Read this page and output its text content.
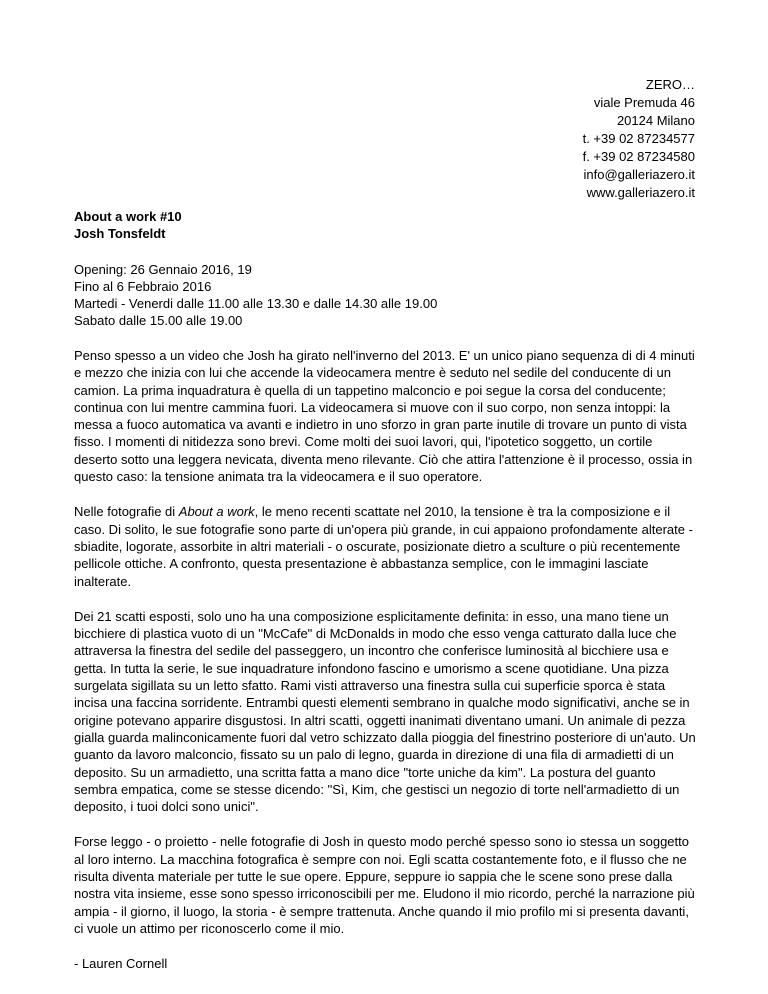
ZERO…
viale Premuda 46
20124 Milano
t. +39 02 87234577
f. +39 02 87234580
info@galleriazero.it
www.galleriazero.it
About a work #10
Josh Tonsfeldt
Opening: 26 Gennaio 2016, 19
Fino al 6 Febbraio 2016
Martedi - Venerdi dalle 11.00 alle 13.30 e dalle 14.30 alle 19.00
Sabato dalle 15.00 alle 19.00
Penso spesso a un video che Josh ha girato nell'inverno del 2013. E' un unico piano sequenza di di 4 minuti e mezzo che inizia con lui che accende la videocamera mentre è seduto nel sedile del conducente di un camion. La prima inquadratura è quella di un tappetino malconcio e poi segue la corsa del conducente; continua con lui mentre cammina fuori. La videocamera si muove con il suo corpo, non senza intoppi: la messa a fuoco automatica va avanti e indietro in uno sforzo in gran parte inutile di trovare un punto di vista fisso. I momenti di nitidezza sono brevi. Come molti dei suoi lavori, qui, l'ipotetico soggetto, un cortile deserto sotto una leggera nevicata, diventa meno rilevante. Ciò che attira l'attenzione è il processo, ossia in questo caso: la tensione animata tra la videocamera e il suo operatore.
Nelle fotografie di About a work, le meno recenti scattate nel 2010, la tensione è tra la composizione e il caso. Di solito, le sue fotografie sono parte di un'opera più grande, in cui appaiono profondamente alterate - sbiadite, logorate, assorbite in altri materiali - o oscurate, posizionate dietro a sculture o più recentemente pellicole ottiche. A confronto, questa presentazione è abbastanza semplice, con le immagini lasciate inalterate.
Dei 21 scatti esposti, solo uno ha una composizione esplicitamente definita: in esso, una mano tiene un bicchiere di plastica vuoto di un "McCafe" di McDonalds in modo che esso venga catturato dalla luce che attraversa la finestra del sedile del passeggero, un incontro che conferisce luminosità al bicchiere usa e getta. In tutta la serie, le sue inquadrature infondono fascino e umorismo a scene quotidiane. Una pizza surgelata sigillata su un letto sfatto. Rami visti attraverso una finestra sulla cui superficie sporca è stata incisa una faccina sorridente. Entrambi questi elementi sembrano in qualche modo significativi, anche se in origine potevano apparire disgustosi. In altri scatti, oggetti inanimati diventano umani. Un animale di pezza gialla guarda malinconicamente fuori dal vetro schizzato dalla pioggia del finestrino posteriore di un'auto. Un guanto da lavoro malconcio, fissato su un palo di legno, guarda in direzione di una fila di armadietti di un deposito. Su un armadietto, una scritta fatta a mano dice "torte uniche da kim". La postura del guanto sembra empatica, come se stesse dicendo: "Sì, Kim, che gestisci un negozio di torte nell'armadietto di un deposito, i tuoi dolci sono unici".
Forse leggo - o proietto - nelle fotografie di Josh in questo modo perché spesso sono io stessa un soggetto al loro interno. La macchina fotografica è sempre con noi. Egli scatta costantemente foto, e il flusso che ne risulta diventa materiale per tutte le sue opere. Eppure, seppure io sappia che le scene sono prese dalla nostra vita insieme, esse sono spesso irriconoscibili per me. Eludono il mio ricordo, perché la narrazione più ampia - il giorno, il luogo, la storia - è sempre trattenuta. Anche quando il mio profilo mi si presenta davanti, ci vuole un attimo per riconoscerlo come il mio.
- Lauren Cornell
